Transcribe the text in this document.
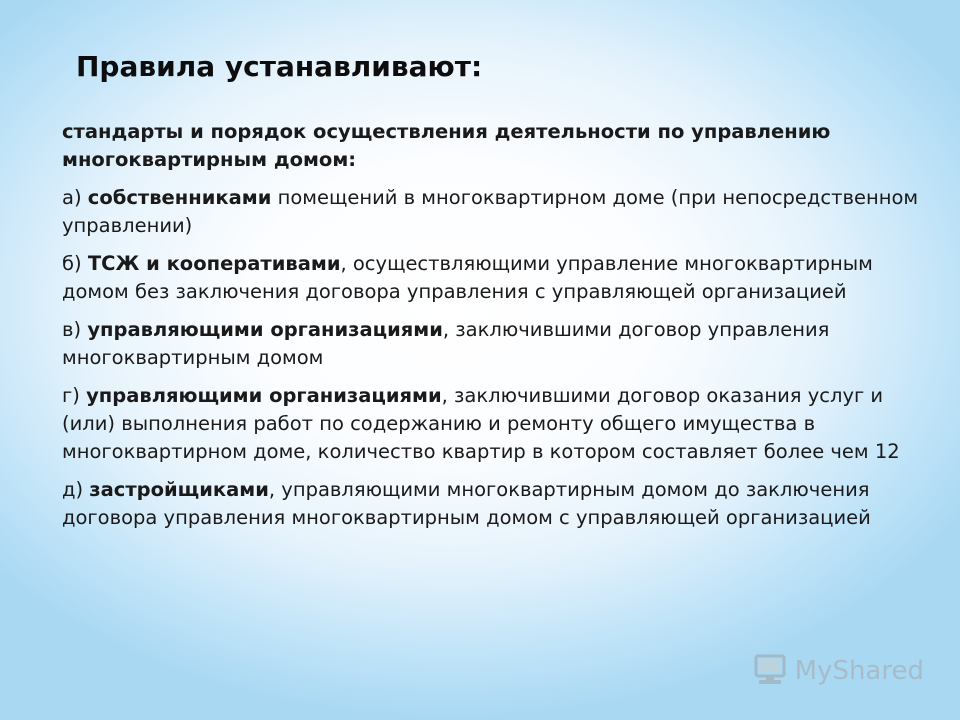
Правила устанавливают:

стандарты и порядок осуществления деятельности по управлению многоквартирным домом:

а) собственниками помещений в многоквартирном доме (при непосредственном управлении)

б) ТСЖ и кооперативами, осуществляющими управление многоквартирным домом без заключения договора управления с управляющей организацией

в) управляющими организациями, заключившими договор управления многоквартирным домом

г) управляющими организациями, заключившими договор оказания услуг и (или) выполнения работ по содержанию и ремонту общего имущества в многоквартирном доме, количество квартир в котором составляет более чем 12

д) застройщиками, управляющими многоквартирным домом до заключения договора управления многоквартирным домом с управляющей организацией

MyShared
